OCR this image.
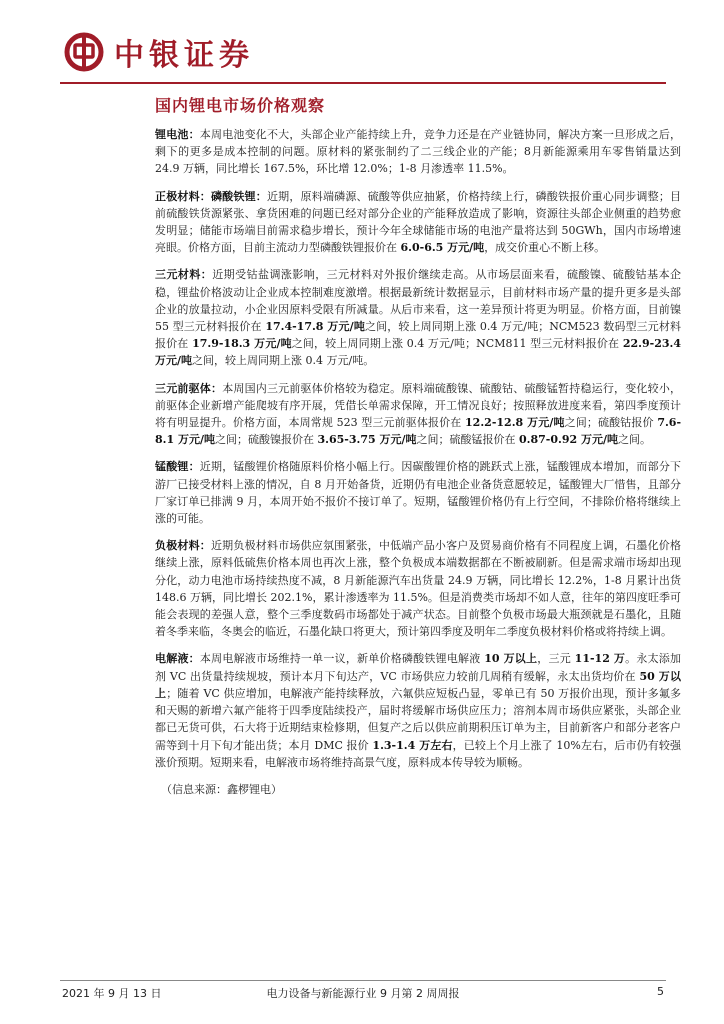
中银证券
国内锂电市场价格观察

锂电池：本周电池变化不大，头部企业产能持续上升，竞争力还是在产业链协同，解决方案一旦形成之后，剩下的更多是成本控制的问题。原材料的紧张制约了二三线企业的产能；8月新能源乘用车零售销量达到 24.9 万辆，同比增长 167.5%，环比增 12.0%；1-8 月渗透率 11.5%。

正极材料：磷酸铁锂：近期，原料端磷源、硫酸等供应抽紧，价格持续上行，磷酸铁报价重心同步调整；目前硫酸铁货源紧张、拿货困难的问题已经对部分企业的产能释放造成了影响，资源往头部企业侧重的趋势愈发明显；储能市场端目前需求稳步增长，预计今年全球储能市场的电池产量将达到 50GWh，国内市场增速亮眼。价格方面，目前主流动力型磷酸铁锂报价在 6.0-6.5 万元/吨，成交价重心不断上移。

三元材料：近期受钴盐调涨影响，三元材料对外报价继续走高。从市场层面来看，硫酸镍、硫酸钴基本企稳，锂盐价格波动让企业成本控制难度激增。根据最新统计数据显示，目前材料市场产量的提升更多是头部企业的放量拉动，小企业因原料受限有所减量。从后市来看，这一差异预计将更为明显。价格方面，目前镍 55 型三元材料报价在 17.4-17.8 万元/吨之间，较上周同期上涨 0.4 万元/吨；NCM523 数码型三元材料报价在 17.9-18.3 万元/吨之间，较上周同期上涨 0.4 万元/吨；NCM811 型三元材料报价在 22.9-23.4 万元/吨之间，较上周同期上涨 0.4 万元/吨。

三元前驱体：本周国内三元前驱体价格较为稳定。原料端硫酸镍、硫酸钴、硫酸锰暂持稳运行，变化较小，前驱体企业新增产能爬坡有序开展，凭借长单需求保障，开工情况良好；按照释放进度来看，第四季度预计将有明显提升。价格方面，本周常规 523 型三元前驱体报价在 12.2-12.8 万元/吨之间；硫酸钴报价 7.6-8.1 万元/吨之间；硫酸镍报价在 3.65-3.75 万元/吨之间；硫酸锰报价在 0.87-0.92 万元/吨之间。

锰酸锂：近期，锰酸锂价格随原料价格小幅上行。因碳酸锂价格的跳跃式上涨，锰酸锂成本增加，而部分下游厂已接受材料上涨的情况，自 8 月开始备货，近期仍有电池企业备货意愿较足，锰酸锂大厂惜售，且部分厂家订单已排满 9 月，本周开始不报价不接订单了。短期，锰酸锂价格仍有上行空间，不排除价格将继续上涨的可能。

负极材料：近期负极材料市场供应氛围紧张，中低端产品小客户及贸易商价格有不同程度上调，石墨化价格继续上涨，原料低硫焦价格本周也再次上涨，整个负极成本端数据都在不断被刷新。但是需求端市场却出现分化，动力电池市场持续热度不减，8 月新能源汽车出货量 24.9 万辆，同比增长 12.2%，1-8 月累计出货 148.6 万辆，同比增长 202.1%，累计渗透率为 11.5%。但是消费类市场却不如人意，往年的第四度旺季可能会表现的差强人意，整个三季度数码市场都处于减产状态。目前整个负极市场最大瓶颈就是石墨化，且随着冬季来临，冬奥会的临近，石墨化缺口将更大，预计第四季度及明年二季度负极材料价格或将持续上调。

电解液：本周电解液市场维持一单一议，新单价格磷酸铁锂电解液 10 万以上，三元 11-12 万。永太添加剂 VC 出货量持续规坡，预计本月下旬达产，VC 市场供应力较前几周稍有缓解，永太出货均价在 50 万以上；随着 VC 供应增加，电解液产能持续释放，六氟供应短板凸显，零单已有 50 万报价出现，预计多氟多和天赐的新增六氟产能将于四季度陆续投产，届时将缓解市场供应压力；溶剂本周市场供应紧张，头部企业都已无货可供，石大将于近期结束检修期，但复产之后以供应前期积压订单为主，目前新客户和部分老客户需等到十月下旬才能出货；本月 DMC 报价 1.3-1.4 万左右，已较上个月上涨了 10%左右，后市仍有较强涨价预期。短期来看，电解液市场将维持高景气度，原料成本传导较为顺畅。

（信息来源：鑫椤锂电）
2021 年 9 月 13 日	电力设备与新能源行业 9 月第 2 周周报	5
